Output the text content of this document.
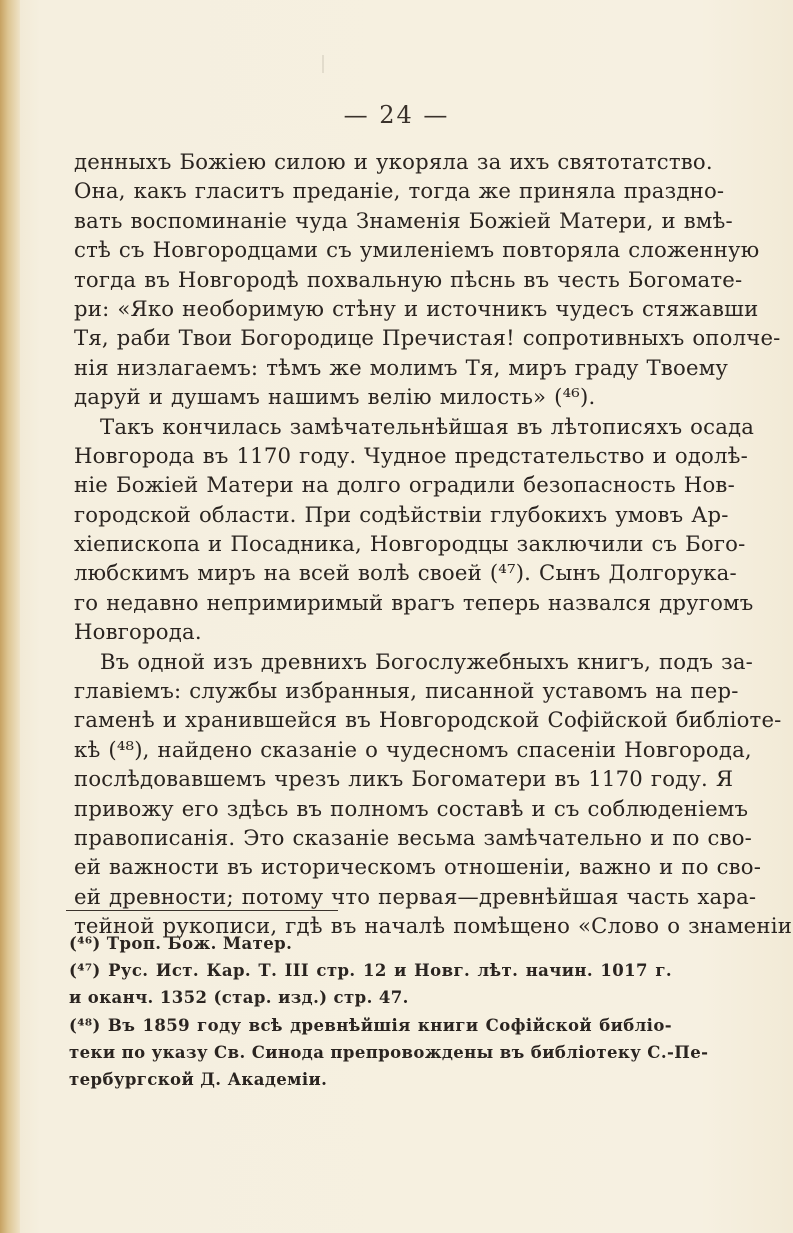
— 24 —
денныхъ Божіею силою и укоряла за ихъ святотатство.
Она, какъ гласитъ преданіе, тогда же приняла праздно-
вать воспоминаніе чуда Знаменія Божіей Матери, и вмѣ-
стѣ съ Новгородцами съ умиленіемъ повторяла сложенную
тогда въ Новгородѣ похвальную пѣснь въ честь Богомате-
ри: «Яко необоримую стѣну и источникъ чудесъ стяжавши
Тя, раби Твои Богородице Пречистая! сопротивныхъ ополче-
нія низлагаемъ: тѣмъ же молимъ Тя, миръ граду Твоему
даруй и душамъ нашимъ велію милость» (⁴⁶).
Такъ кончилась замѣчательнѣйшая въ лѣтописяхъ осада
Новгорода въ 1170 году. Чудное предстательство и одолѣ-
ніе Божіей Матери на долго оградили безопасность Нов-
городской области. При содѣйствіи глубокихъ умовъ Ар-
хіепископа и Посадника, Новгородцы заключили съ Бого-
любскимъ миръ на всей волѣ своей (⁴⁷). Сынъ Долгорука-
го недавно непримиримый врагъ теперь назвался другомъ
Новгорода.
Въ одной изъ древнихъ Богослужебныхъ книгъ, подъ за-
главіемъ: службы избранныя, писанной уставомъ на пер-
гаменѣ и хранившейся въ Новгородской Софійской библіоте-
кѣ (⁴⁸), найдено сказаніе о чудесномъ спасеніи Новгорода,
послѣдовавшемъ чрезъ ликъ Богоматери въ 1170 году. Я
привожу его здѣсь въ полномъ составѣ и съ соблюденіемъ
правописанія. Это сказаніе весьма замѣчательно и по сво-
ей важности въ историческомъ отношеніи, важно и по сво-
ей древности; потому что первая—древнѣйшая часть хара-
тейной рукописи, гдѣ въ началѣ помѣщено «Слово о знаменіи
(⁴⁶) Троп. Бож. Матер.
(⁴⁷) Рус. Ист. Кар. Т. III стр. 12 и Новг. лѣт. начин. 1017 г.
и оканч. 1352 (стар. изд.) стр. 47.
(⁴⁸) Въ 1859 году всѣ древнѣйшія книги Софійской библіо-
теки по указу Св. Синода препровождены въ библіотеку С.-Пе-
тербургской Д. Академіи.
